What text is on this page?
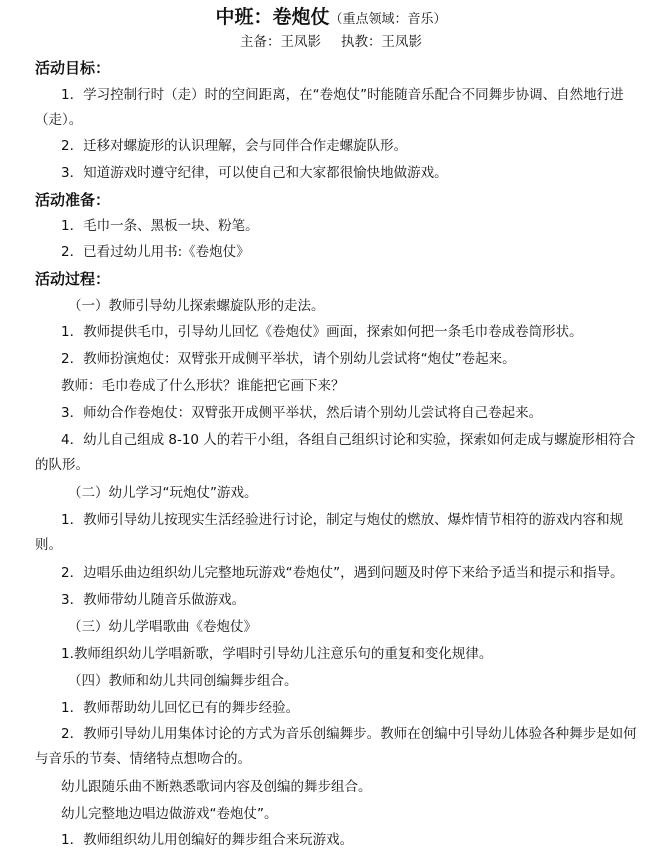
中班：卷炮仗（重点领域：音乐）
主备：王凤影 执教：王凤影
活动目标：
1．学习控制行时（走）时的空间距离，在“卷炮仗”时能随音乐配合不同舞步协调、自然地行进（走）。
2．迁移对螺旋形的认识理解，会与同伴合作走螺旋队形。
3．知道游戏时遵守纪律，可以使自己和大家都很愉快地做游戏。
活动准备：
1．毛巾一条、黑板一块、粉笔。
2．已看过幼儿用书:《卷炮仗》
活动过程：
（一）教师引导幼儿探索螺旋队形的走法。
1．教师提供毛巾，引导幼儿回忆《卷炮仗》画面，探索如何把一条毛巾卷成卷筒形状。
2．教师扮演炮仗：双臂张开成侧平举状，请个别幼儿尝试将“炮仗”卷起来。
教师：毛巾卷成了什么形状？谁能把它画下来？
3．师幼合作卷炮仗：双臂张开成侧平举状，然后请个别幼儿尝试将自己卷起来。
4．幼儿自己组成 8-10 人的若干小组，各组自己组织讨论和实验，探索如何走成与螺旋形相符合的队形。
（二）幼儿学习“玩炮仗”游戏。
1．教师引导幼儿按现实生活经验进行讨论，制定与炮仗的燃放、爆炸情节相符的游戏内容和规则。
2．边唱乐曲边组织幼儿完整地玩游戏“卷炮仗”，遇到问题及时停下来给予适当和提示和指导。
3．教师带幼儿随音乐做游戏。
（三）幼儿学唱歌曲《卷炮仗》
1.教师组织幼儿学唱新歌，学唱时引导幼儿注意乐句的重复和变化规律。
（四）教师和幼儿共同创编舞步组合。
1．教师帮助幼儿回忆已有的舞步经验。
2．教师引导幼儿用集体讨论的方式为音乐创编舞步。教师在创编中引导幼儿体验各种舞步是如何与音乐的节奏、情绪特点想吻合的。
幼儿跟随乐曲不断熟悉歌词内容及创编的舞步组合。
幼儿完整地边唱边做游戏“卷炮仗”。
1．教师组织幼儿用创编好的舞步组合来玩游戏。
